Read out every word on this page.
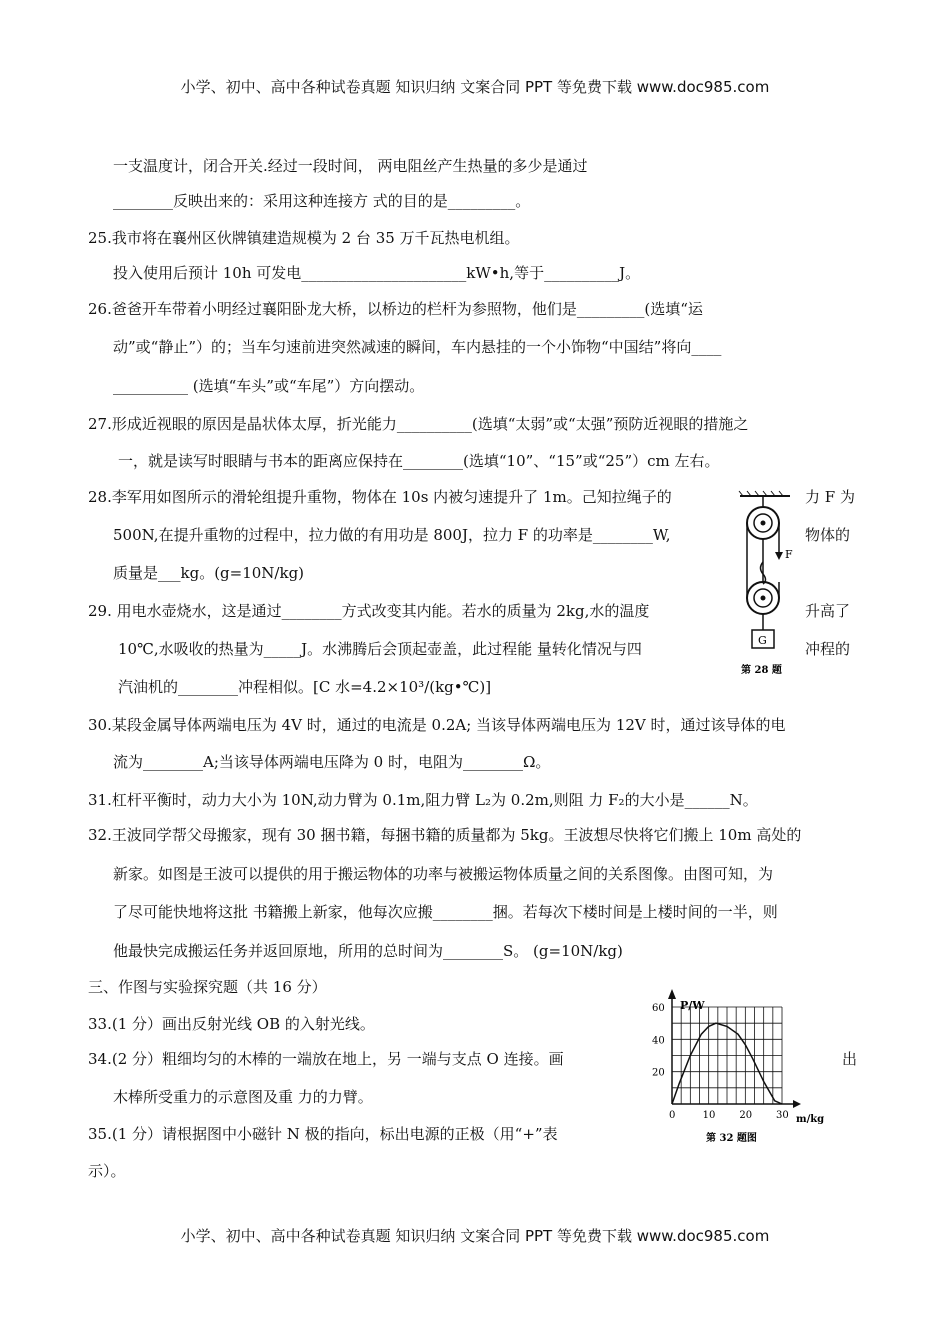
小学、初中、高中各种试卷真题 知识归纳 文案合同 PPT 等免费下载 www.doc985.com
一支温度计，闭合开关.经过一段时间， 两电阻丝产生热量的多少是通过
________反映出来的：采用这种连接方 式的目的是_________。
25.我市将在襄州区伙牌镇建造规模为 2 台 35 万千瓦热电机组。
投入使用后预计 10h 可发电______________________kW•h,等于__________J。
26.爸爸开车带着小明经过襄阳卧龙大桥，以桥边的栏杆为参照物，他们是_________(选填“运
动”或“静止”）的；当车匀速前进突然减速的瞬间，车内悬挂的一个小饰物“中国结”将向____
__________ (选填“车头”或“车尾”）方向摆动。
27.形成近视眼的原因是晶状体太厚，折光能力__________(选填“太弱”或“太强”预防近视眼的措施之
一，就是读写时眼睛与书本的距离应保持在________(选填“10”、“15”或“25”）cm 左右。
28.李军用如图所示的滑轮组提升重物，物体在 10s 内被匀速提升了 1m。己知拉绳子的	力 F 为
500N,在提升重物的过程中，拉力做的有用功是 800J，拉力 F 的功率是________W,	物体的
质量是___kg。(g=10N/kg)
29. 用电水壶烧水，这是通过________方式改变其内能。若水的质量为 2kg,水的温度	升高了
10℃,水吸收的热量为_____J。水沸腾后会顶起壶盖，此过程能 量转化情况与四	冲程的
汽油机的________冲程相似。[C 水=4.2×10³/(kg•℃)]
30.某段金属导体两端电压为 4V 时，通过的电流是 0.2A; 当该导体两端电压为 12V 时，通过该导体的电
流为________A;当该导体两端电压降为 0 时，电阻为________Ω。
31.杠杆平衡时，动力大小为 10N,动力臂为 0.1m,阻力臂 L₂为 0.2m,则阻 力 F₂的大小是______N。
32.王波同学帮父母搬家，现有 30 捆书籍，每捆书籍的质量都为 5kg。王波想尽快将它们搬上 10m 高处的
新家。如图是王波可以提供的用于搬运物体的功率与被搬运物体质量之间的关系图像。由图可知，为
了尽可能快地将这批 书籍搬上新家，他每次应搬________捆。若每次下楼时间是上楼时间的一半，则
他最快完成搬运任务并返回原地，所用的总时间为________S。 (g=10N/kg)
三、作图与实验探究题（共 16 分）
33.(1 分）画出反射光线 OB 的入射光线。
34.(2 分）粗细均匀的木棒的一端放在地上，另 一端与支点 O 连接。画	出
木棒所受重力的示意图及重 力的力臂。
35.(1 分）请根据图中小磁针 N 极的指向，标出电源的正极（用“+”表
示）。
F
G
第 28 题
P/W
m/kg
0	10 20 30
20
40
60
第 32 题图
小学、初中、高中各种试卷真题 知识归纳 文案合同 PPT 等免费下载 www.doc985.com
